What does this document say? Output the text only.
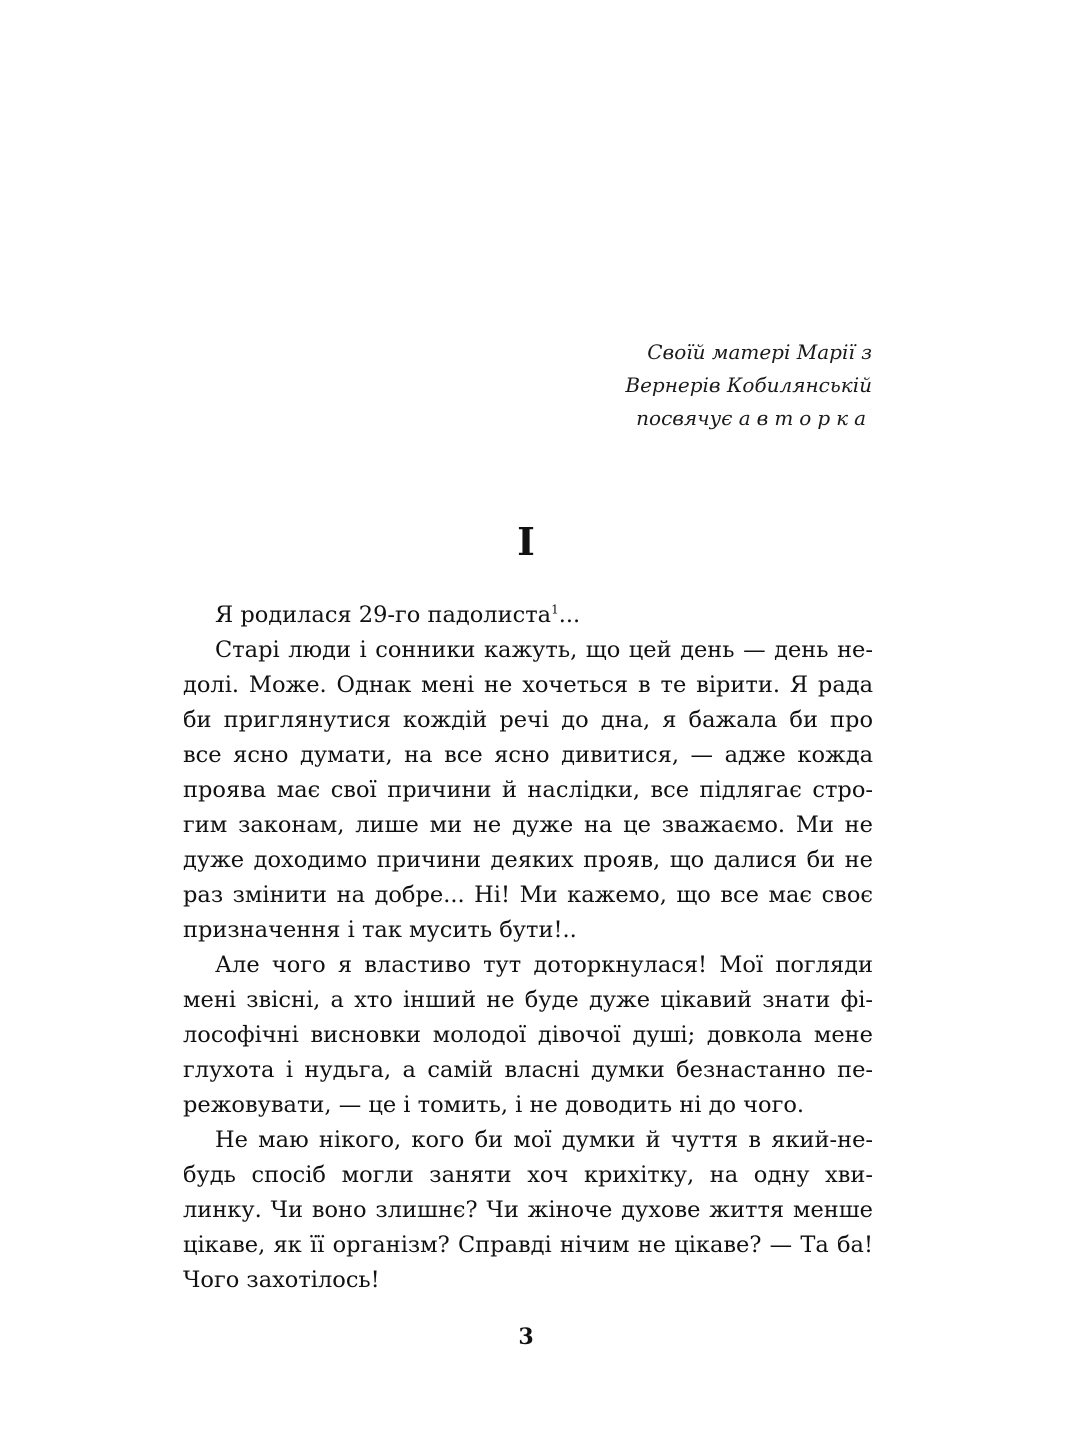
Своїй матері Марії з
Вернерів Кобилянській
посвячує авторка
I

Я родилася 29-го падолиста$^1$...

Старі люди і сонники кажуть, що цей день — день недолі. Може. Однак мені не хочеться в те вірити. Я рада би приглянутися кождій речі до дна, я бажала би про все ясно думати, на все ясно дивитися, — адже кожда проява має свої причини й наслідки, все підлягає строгим законам, лише ми не дуже на це зважаємо. Ми не дуже доходимо причини деяких прояв, що далися би не раз змінити на добре... Ні! Ми кажемо, що все має своє призначення і так мусить бути!..

Але чого я властиво тут доторкнулася! Мої погляди мені звісні, а хто інший не буде дуже цікавий знати філософічні висновки молодої дівочої душі; довкола мене глухота і нудьга, а самій власні думки безнастанно пережовувати, — це і томить, і не доводить ні до чого.

Не маю нікого, кого би мої думки й чуття в який-небудь спосіб могли заняти хоч крихітку, на одну хвилинку. Чи воно злишнє? Чи жіноче духове життя менше цікаве, як її організм? Справді нічим не цікаве? — Та ба! Чого захотілось!

3
